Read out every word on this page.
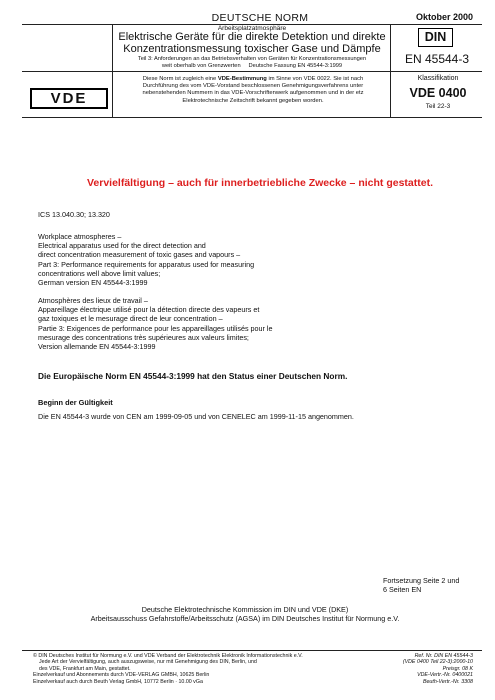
DEUTSCHE NORM	Oktober 2000
Arbeitsplatzatmosphäre
Elektrische Geräte für die direkte Detektion und direkte
Konzentrationsmessung toxischer Gase und Dämpfe
Teil 3: Anforderungen an das Betriebsverhalten von Geräten für Konzentrationsmessungen
weit oberhalb von Grenzwerten     Deutsche Fassung EN 45544-3:1999
DIN
EN 45544-3
VDE
Diese Norm ist zugleich eine VDE-Bestimmung im Sinne von VDE 0022. Sie ist nach
Durchführung des vom VDE-Vorstand beschlossenen Genehmigungsverfahrens unter
nebenstehenden Nummern in das VDE-Vorschriftenwerk aufgenommen und in der etz
Elektrotechnische Zeitschrift bekannt gegeben worden.
Klassifikation
VDE 0400
Teil 22-3
Vervielfältigung – auch für innerbetriebliche Zwecke – nicht gestattet.
ICS 13.040.30; 13.320
Workplace atmospheres –
Electrical apparatus used for the direct detection and
direct concentration measurement of toxic gases and vapours –
Part 3: Performance requirements for apparatus used for measuring
concentrations well above limit values;
German version EN 45544-3:1999
Atmosphères des lieux de travail –
Appareillage électrique utilisé pour la détection directe des vapeurs et
gaz toxiques et le mesurage direct de leur concentration –
Partie 3: Exigences de performance pour les appareillages utilisés pour le
mesurage des concentrations très supérieures aux valeurs limites;
Version allemande EN 45544-3:1999
Die Europäische Norm EN 45544-3:1999 hat den Status einer Deutschen Norm.
Beginn der Gültigkeit
Die EN 45544-3 wurde von CEN am 1999-09-05 und von CENELEC am 1999-11-15 angenommen.
Fortsetzung Seite 2 und
6 Seiten EN
Deutsche Elektrotechnische Kommission im DIN und VDE (DKE)
Arbeitsausschuss Gefahrstoffe/Arbeitsschutz (AGSA) im DIN Deutsches Institut für Normung e.V.
© DIN Deutsches Institut für Normung e.V. und VDE Verband der Elektrotechnik Elektronik Informationstechnik e.V.
Jede Art der Vervielfältigung, auch auszugsweise, nur mit Genehmigung des DIN, Berlin, und
des VDE, Frankfurt am Main, gestattet.
Einzelverkauf und Abonnements durch VDE-VERLAG GMBH, 10625 Berlin
Einzelverkauf auch durch Beuth Verlag GmbH, 10772 Berlin · 10.00 vGa
Ref. Nr. DIN EN 45544-3
(VDE 0400 Teil 22-3):2000-10
Preisgr. 08 K
VDE-Vertr.-Nr. 0400021
Beuth-Vertr.-Nr. 3308
